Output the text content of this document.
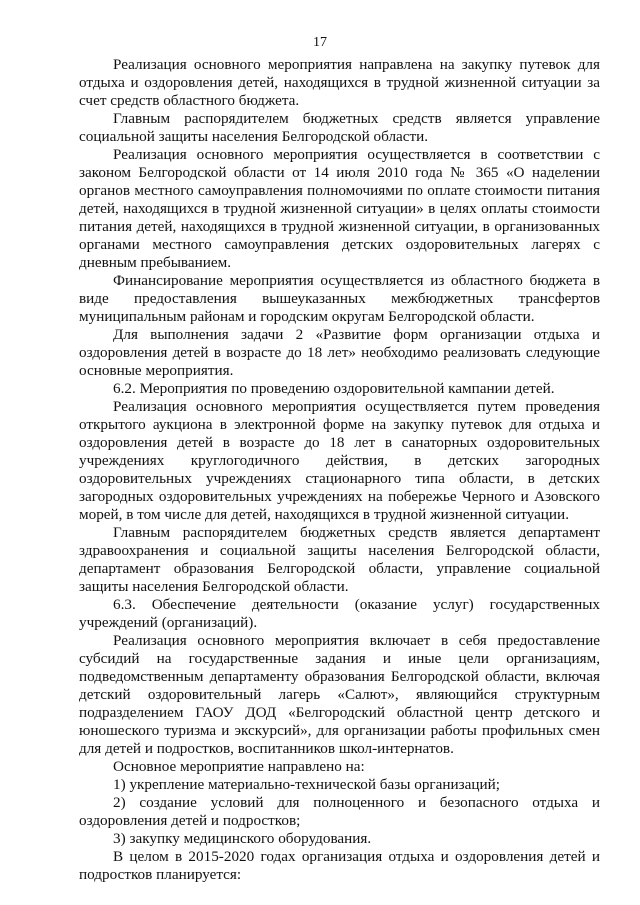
17

Реализация основного мероприятия направлена на закупку путевок для отдыха и оздоровления детей, находящихся в трудной жизненной ситуации за счет средств областного бюджета.

Главным распорядителем бюджетных средств является управление социальной защиты населения Белгородской области.

Реализация основного мероприятия осуществляется в соответствии с законом Белгородской области от 14 июля 2010 года № 365 «О наделении органов местного самоуправления полномочиями по оплате стоимости питания детей, находящихся в трудной жизненной ситуации» в целях оплаты стоимости питания детей, находящихся в трудной жизненной ситуации, в организованных органами местного самоуправления детских оздоровительных лагерях с дневным пребыванием.

Финансирование мероприятия осуществляется из областного бюджета в виде предоставления вышеуказанных межбюджетных трансфертов муниципальным районам и городским округам Белгородской области.

Для выполнения задачи 2 «Развитие форм организации отдыха и оздоровления детей в возрасте до 18 лет» необходимо реализовать следующие основные мероприятия.

6.2. Мероприятия по проведению оздоровительной кампании детей.

Реализация основного мероприятия осуществляется путем проведения открытого аукциона в электронной форме на закупку путевок для отдыха и оздоровления детей в возрасте до 18 лет в санаторных оздоровительных учреждениях круглогодичного действия, в детских загородных оздоровительных учреждениях стационарного типа области, в детских загородных оздоровительных учреждениях на побережье Черного и Азовского морей, в том числе для детей, находящихся в трудной жизненной ситуации.

Главным распорядителем бюджетных средств является департамент здравоохранения и социальной защиты населения Белгородской области, департамент образования Белгородской области, управление социальной защиты населения Белгородской области.

6.3. Обеспечение деятельности (оказание услуг) государственных учреждений (организаций).

Реализация основного мероприятия включает в себя предоставление субсидий на государственные задания и иные цели организациям, подведомственным департаменту образования Белгородской области, включая детский оздоровительный лагерь «Салют», являющийся структурным подразделением ГАОУ ДОД «Белгородский областной центр детского и юношеского туризма и экскурсий», для организации работы профильных смен для детей и подростков, воспитанников школ-интернатов.

Основное мероприятие направлено на:

1) укрепление материально-технической базы организаций;

2) создание условий для полноценного и безопасного отдыха и оздоровления детей и подростков;

3) закупку медицинского оборудования.

В целом в 2015-2020 годах организация отдыха и оздоровления детей и подростков планируется:
